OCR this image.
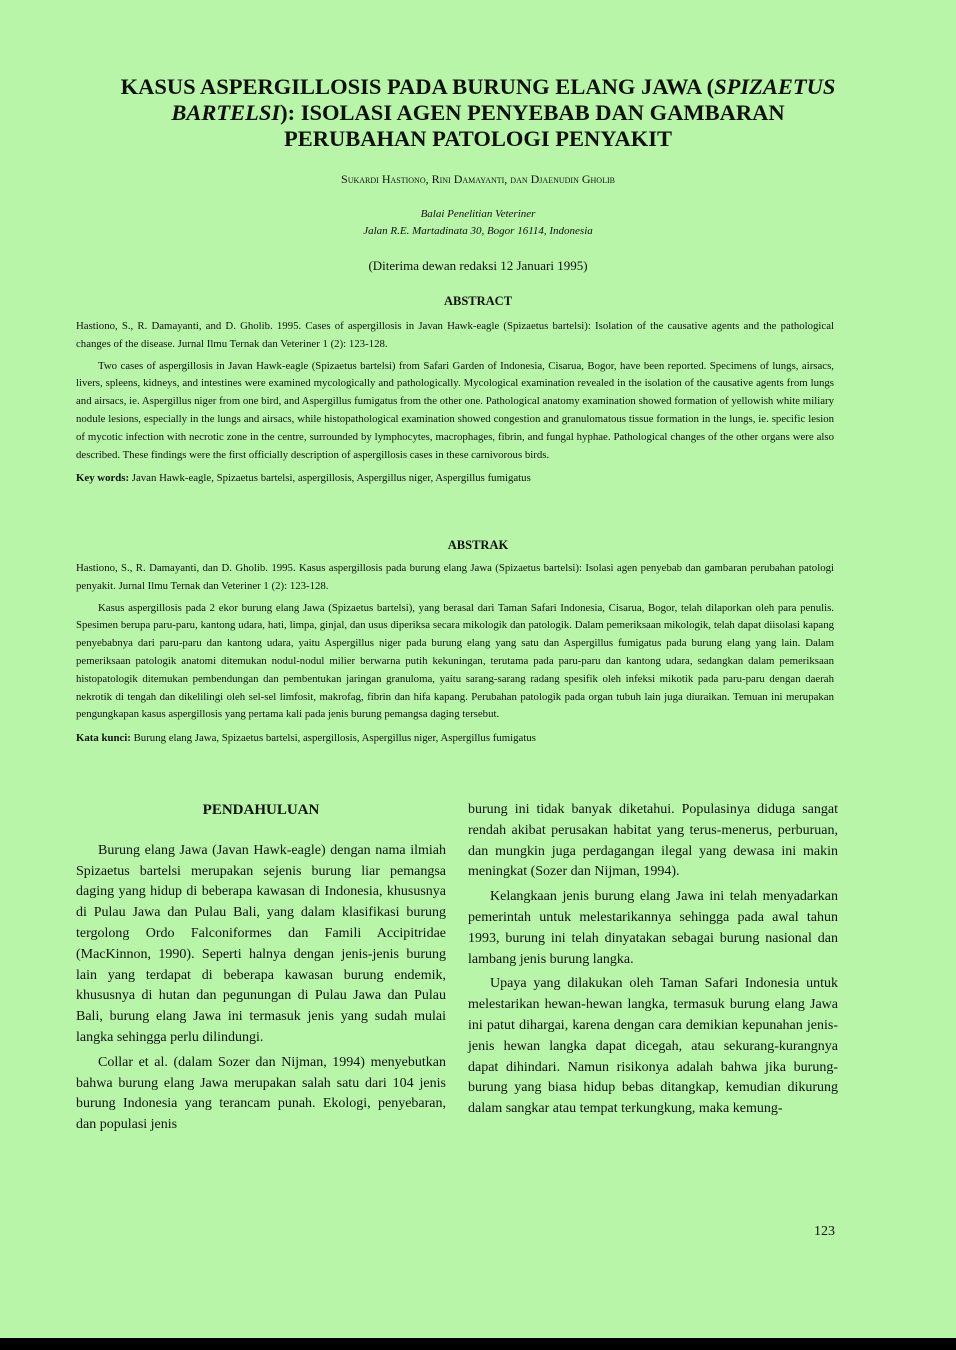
KASUS ASPERGILLOSIS PADA BURUNG ELANG JAWA (SPIZAETUS
BARTELSI): ISOLASI AGEN PENYEBAB DAN GAMBARAN
PERUBAHAN PATOLOGI PENYAKIT
Sukardi Hastiono, Rini Damayanti, dan Djaenudin Gholib
Balai Penelitian Veteriner
Jalan R.E. Martadinata 30, Bogor 16114, Indonesia
(Diterima dewan redaksi 12 Januari 1995)
ABSTRACT

Hastiono, S., R. Damayanti, and D. Gholib. 1995. Cases of aspergillosis in Javan Hawk-eagle (Spizaetus bartelsi): Isolation of the causative agents and the pathological changes of the disease. Jurnal Ilmu Ternak dan Veteriner 1 (2): 123-128.

Two cases of aspergillosis in Javan Hawk-eagle (Spizaetus bartelsi) from Safari Garden of Indonesia, Cisarua, Bogor, have been reported. Specimens of lungs, airsacs, livers, spleens, kidneys, and intestines were examined mycologically and pathologically. Mycological examination revealed in the isolation of the causative agents from lungs and airsacs, ie. Aspergillus niger from one bird, and Aspergillus fumigatus from the other one. Pathological anatomy examination showed formation of yellowish white miliary nodule lesions, especially in the lungs and airsacs, while histopathological examination showed congestion and granulomatous tissue formation in the lungs, ie. specific lesion of mycotic infection with necrotic zone in the centre, surrounded by lymphocytes, macrophages, fibrin, and fungal hyphae. Pathological changes of the other organs were also described. These findings were the first officially description of aspergillosis cases in these carnivorous birds.

Key words: Javan Hawk-eagle, Spizaetus bartelsi, aspergillosis, Aspergillus niger, Aspergillus fumigatus

ABSTRAK

Hastiono, S., R. Damayanti, dan D. Gholib. 1995. Kasus aspergillosis pada burung elang Jawa (Spizaetus bartelsi): Isolasi agen penyebab dan gambaran perubahan patologi penyakit. Jurnal Ilmu Ternak dan Veteriner 1 (2): 123-128.

Kasus aspergillosis pada 2 ekor burung elang Jawa (Spizaetus bartelsi), yang berasal dari Taman Safari Indonesia, Cisarua, Bogor, telah dilaporkan oleh para penulis. Spesimen berupa paru-paru, kantong udara, hati, limpa, ginjal, dan usus diperiksa secara mikologik dan patologik. Dalam pemeriksaan mikologik, telah dapat diisolasi kapang penyebabnya dari paru-paru dan kantong udara, yaitu Aspergillus niger pada burung elang yang satu dan Aspergillus fumigatus pada burung elang yang lain. Dalam pemeriksaan patologik anatomi ditemukan nodul-nodul milier berwarna putih kekuningan, terutama pada paru-paru dan kantong udara, sedangkan dalam pemeriksaan histopatologik ditemukan pembendungan dan pembentukan jaringan granuloma, yaitu sarang-sarang radang spesifik oleh infeksi mikotik pada paru-paru dengan daerah nekrotik di tengah dan dikelilingi oleh sel-sel limfosit, makrofag, fibrin dan hifa kapang. Perubahan patologik pada organ tubuh lain juga diuraikan. Temuan ini merupakan pengungkapan kasus aspergillosis yang pertama kali pada jenis burung pemangsa daging tersebut.

Kata kunci: Burung elang Jawa, Spizaetus bartelsi, aspergillosis, Aspergillus niger, Aspergillus fumigatus

PENDAHULUAN

Burung elang Jawa (Javan Hawk-eagle) dengan nama ilmiah Spizaetus bartelsi merupakan sejenis burung liar pemangsa daging yang hidup di beberapa kawasan di Indonesia, khususnya di Pulau Jawa dan Pulau Bali, yang dalam klasifikasi burung tergolong Ordo Falconiformes dan Famili Accipitridae (MacKinnon, 1990). Seperti halnya dengan jenis-jenis burung lain yang terdapat di beberapa kawasan burung endemik, khususnya di hutan dan pegunungan di Pulau Jawa dan Pulau Bali, burung elang Jawa ini termasuk jenis yang sudah mulai langka sehingga perlu dilindungi.

Collar et al. (dalam Sozer dan Nijman, 1994) menyebutkan bahwa burung elang Jawa merupakan salah satu dari 104 jenis burung Indonesia yang terancam punah. Ekologi, penyebaran, dan populasi jenis

burung ini tidak banyak diketahui. Populasinya diduga sangat rendah akibat perusakan habitat yang terus-menerus, perburuan, dan mungkin juga perdagangan ilegal yang dewasa ini makin meningkat (Sozer dan Nijman, 1994).

Kelangkaan jenis burung elang Jawa ini telah menyadarkan pemerintah untuk melestarikannya sehingga pada awal tahun 1993, burung ini telah dinyatakan sebagai burung nasional dan lambang jenis burung langka.

Upaya yang dilakukan oleh Taman Safari Indonesia untuk melestarikan hewan-hewan langka, termasuk burung elang Jawa ini patut dihargai, karena dengan cara demikian kepunahan jenis-jenis hewan langka dapat dicegah, atau sekurang-kurangnya dapat dihindari. Namun risikonya adalah bahwa jika burung-burung yang biasa hidup bebas ditangkap, kemudian dikurung dalam sangkar atau tempat terkungkung, maka kemung-

123
